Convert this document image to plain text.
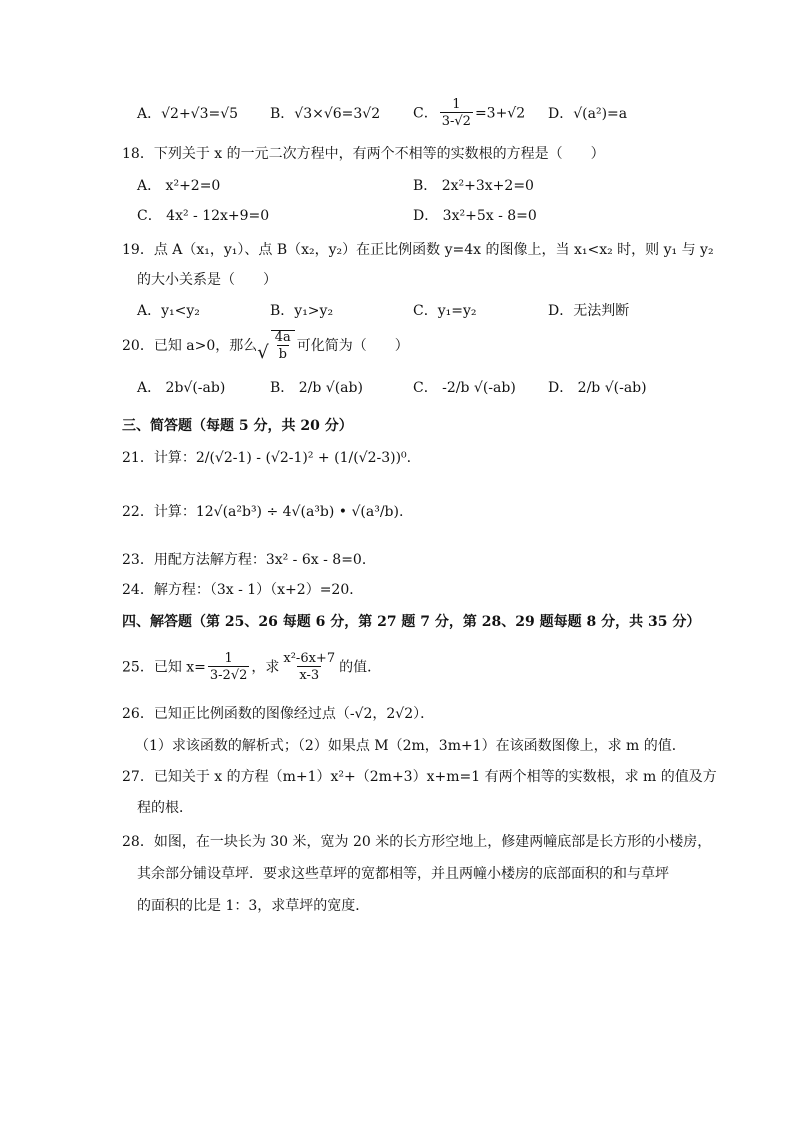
A．√2+√3=√5 B．√3×√6=3√2 C． $\frac{1}{3-√2} =3+√2$ D．√(a²)=a
18．下列关于 x 的一元二次方程中，有两个不相等的实数根的方程是（　　）
A． x²+2=0	B． 2x²+3x+2=0
C． 4x² - 12x+9=0	D． 3x²+5x - 8=0
19．点 A（x₁，y₁）、点 B（x₂，y₂）在正比例函数 y=4x 的图像上，当 x₁<x₂ 时，则 y₁ 与 y₂
的大小关系是（　　）
A．y₁<y₂	B．y₁>y₂	C．y₁=y₂	D．无法判断
20．已知 a>0，那么 √ $\frac{4a}{b}$ 可化简为（　　）
A． 2b√(-ab)	B． 2/b √(ab)	C． -2/b √(-ab) D． 2/b √(-ab)
三、简答题（每题 5 分，共 20 分）
21．计算：2/(√2-1) - (√2-1)² + (1/(√2-3))⁰.
22．计算：12√(a²b³) ÷ 4√(a³b) • √(a³/b).
23．用配方法解方程：3x² - 6x - 8=0．
24．解方程：（3x - 1）（x+2）=20．
四、解答题（第 25、26 每题 6 分，第 27 题 7 分，第 28、29 题每题 8 分，共 35 分）
25．已知 $x= \frac{1}{3-2√2}$ ，求 $\frac{\text{x²-6x+7}}{x-3}$ 的值．
26．已知正比例函数的图像经过点（-√2，2√2）．
（1）求该函数的解析式；（2）如果点 M（2m，3m+1）在该函数图像上，求 m 的值．
27．已知关于 x 的方程（m+1）x²+（2m+3）x+m=1 有两个相等的实数根，求 m 的值及方
程的根．
28．如图，在一块长为 30 米，宽为 20 米的长方形空地上，修建两幢底部是长方形的小楼房，
其余部分铺设草坪．要求这些草坪的宽都相等，并且两幢小楼房的底部面积的和与草坪
的面积的比是 1：3，求草坪的宽度．
